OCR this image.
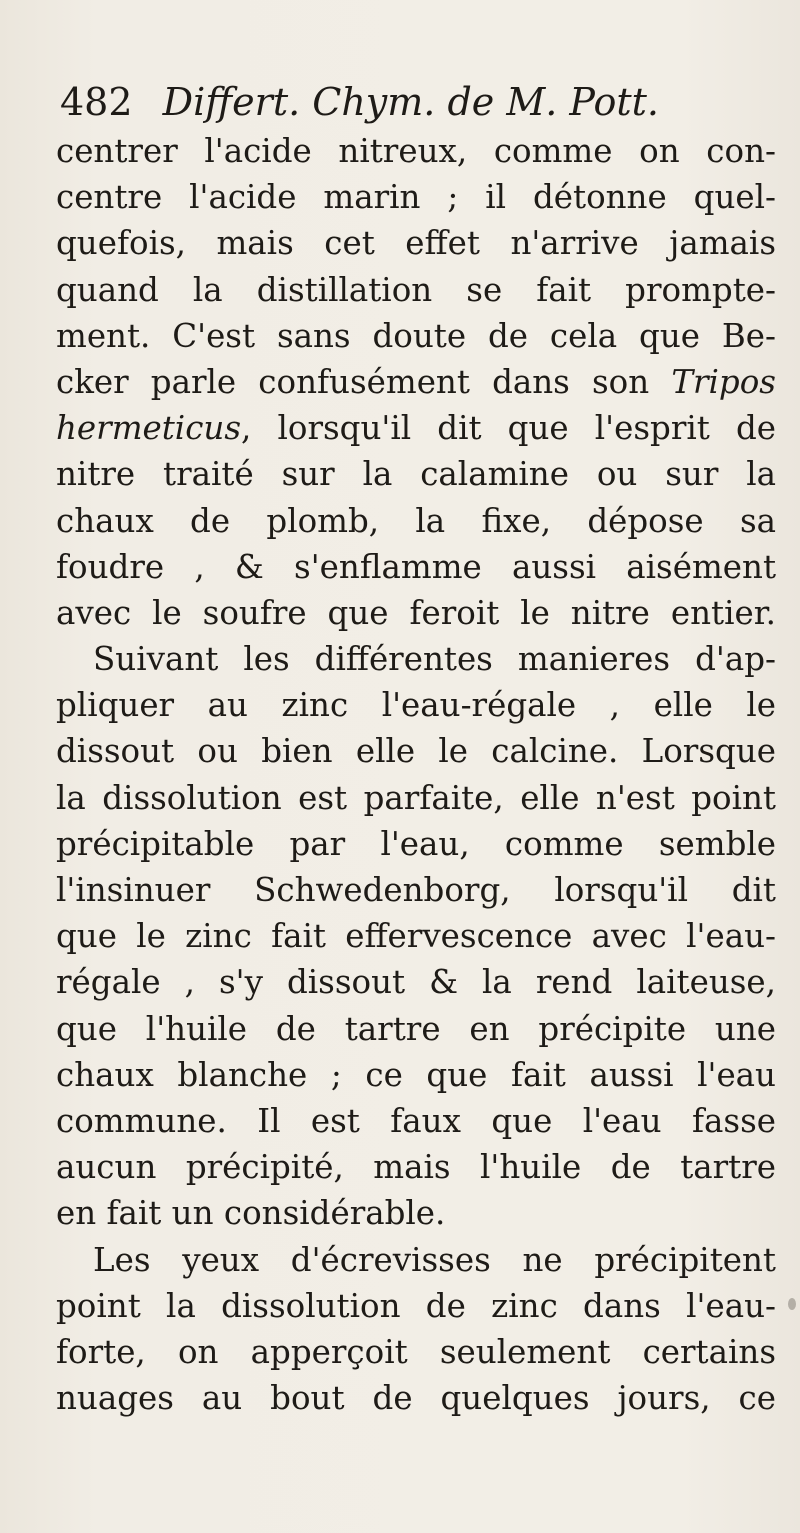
482 Differt. Chym. de M. Pott.
centrer l'acide nitreux, comme on con-
centre l'acide marin ; il détonne quel-
quefois, mais cet effet n'arrive jamais
quand la distillation se fait prompte-
ment. C'est sans doute de cela que Be-
cker parle confusément dans son Tripos
hermeticus, lorsqu'il dit que l'esprit de
nitre traité sur la calamine ou sur la
chaux de plomb, la fixe, dépose sa
foudre , & s'enflamme aussi aisément
avec le soufre que feroit le nitre entier.
Suivant les différentes manieres d'ap-
pliquer au zinc l'eau-régale , elle le
dissout ou bien elle le calcine. Lorsque
la dissolution est parfaite, elle n'est point
précipitable par l'eau, comme semble
l'insinuer Schwedenborg, lorsqu'il dit
que le zinc fait effervescence avec l'eau-
régale , s'y dissout & la rend laiteuse,
que l'huile de tartre en précipite une
chaux blanche ; ce que fait aussi l'eau
commune. Il est faux que l'eau fasse
aucun précipité, mais l'huile de tartre
en fait un considérable.
Les yeux d'écrevisses ne précipitent
point la dissolution de zinc dans l'eau-
forte, on apperçoit seulement certains
nuages au bout de quelques jours, ce
